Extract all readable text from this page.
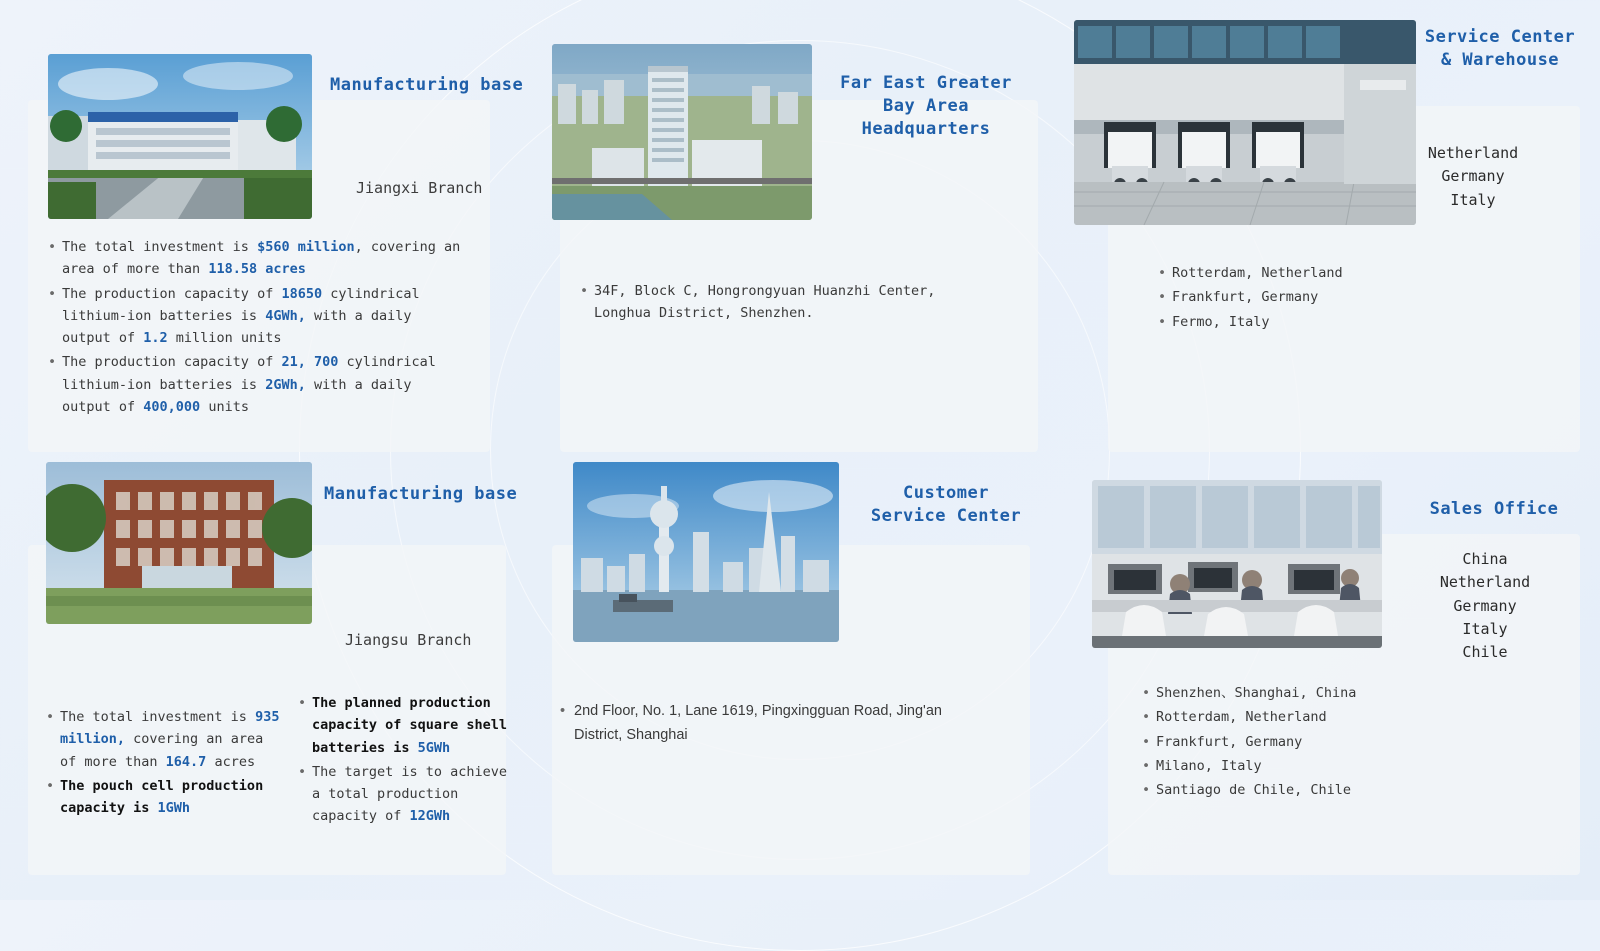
Manufacturing base
Jiangxi Branch
• The total investment is $560 million, covering an area of more than 118.58 acres
• The production capacity of 18650 cylindrical lithium-ion batteries is 4GWh, with a daily output of 1.2 million units
• The production capacity of 21, 700 cylindrical lithium-ion batteries is 2GWh, with a daily output of 400,000 units
Manufacturing base
Jiangsu Branch
• The total investment is 935 million, covering an area of more than 164.7 acres
• The pouch cell production capacity is 1GWh
• The planned production capacity of square shell batteries is 5GWh
• The target is to achieve a total production capacity of 12GWh
Far East Greater Bay Area Headquarters
• 34F, Block C, Hongrongyuan Huanzhi Center, Longhua District, Shenzhen.
Customer Service Center
• 2nd Floor, No. 1, Lane 1619, Pingxingguan Road, Jing'an District, Shanghai
Service Center & Warehouse
Netherland
Germany
Italy
• Rotterdam, Netherland
• Frankfurt, Germany
• Fermo, Italy
Sales Office
China
Netherland
Germany
Italy
Chile
• Shenzhen、Shanghai, China
• Rotterdam, Netherland
• Frankfurt, Germany
• Milano, Italy
• Santiago de Chile, Chile
